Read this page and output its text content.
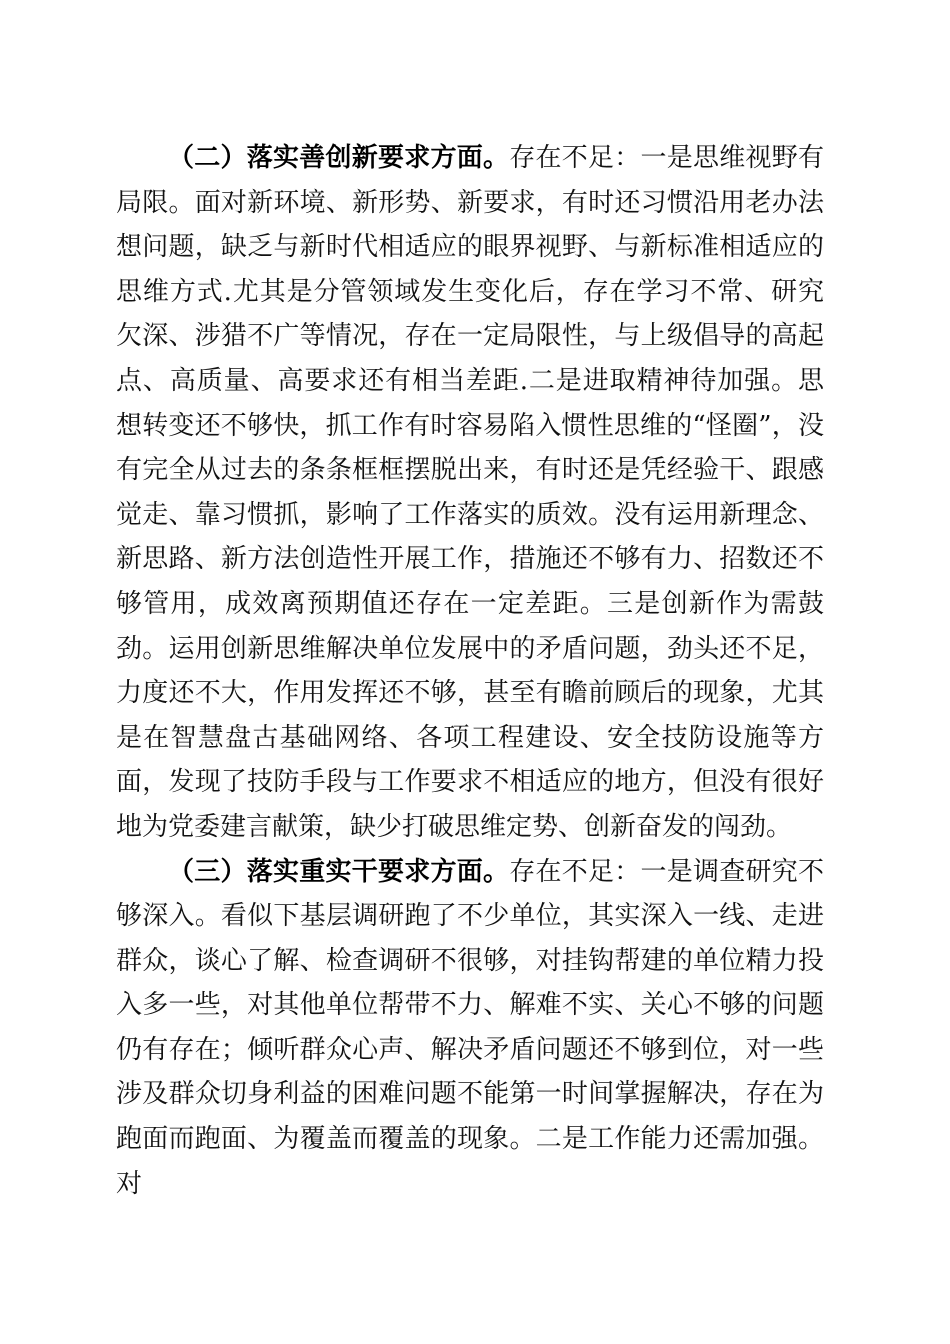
（二）落实善创新要求方面。存在不足：一是思维视野有局限。面对新环境、新形势、新要求，有时还习惯沿用老办法想问题，缺乏与新时代相适应的眼界视野、与新标准相适应的思维方式.尤其是分管领域发生变化后，存在学习不常、研究欠深、涉猎不广等情况，存在一定局限性，与上级倡导的高起点、高质量、高要求还有相当差距.二是进取精神待加强。思想转变还不够快，抓工作有时容易陷入惯性思维的“怪圈”，没有完全从过去的条条框框摆脱出来，有时还是凭经验干、跟感觉走、靠习惯抓，影响了工作落实的质效。没有运用新理念、新思路、新方法创造性开展工作，措施还不够有力、招数还不够管用，成效离预期值还存在一定差距。三是创新作为需鼓劲。运用创新思维解决单位发展中的矛盾问题，劲头还不足，力度还不大，作用发挥还不够，甚至有瞻前顾后的现象，尤其是在智慧盘古基础网络、各项工程建设、安全技防设施等方面，发现了技防手段与工作要求不相适应的地方，但没有很好地为党委建言献策，缺少打破思维定势、创新奋发的闯劲。

（三）落实重实干要求方面。存在不足：一是调查研究不够深入。看似下基层调研跑了不少单位，其实深入一线、走进群众，谈心了解、检查调研不很够，对挂钩帮建的单位精力投入多一些，对其他单位帮带不力、解难不实、关心不够的问题仍有存在；倾听群众心声、解决矛盾问题还不够到位，对一些涉及群众切身利益的困难问题不能第一时间掌握解决，存在为跑面而跑面、为覆盖而覆盖的现象。二是工作能力还需加强。对
